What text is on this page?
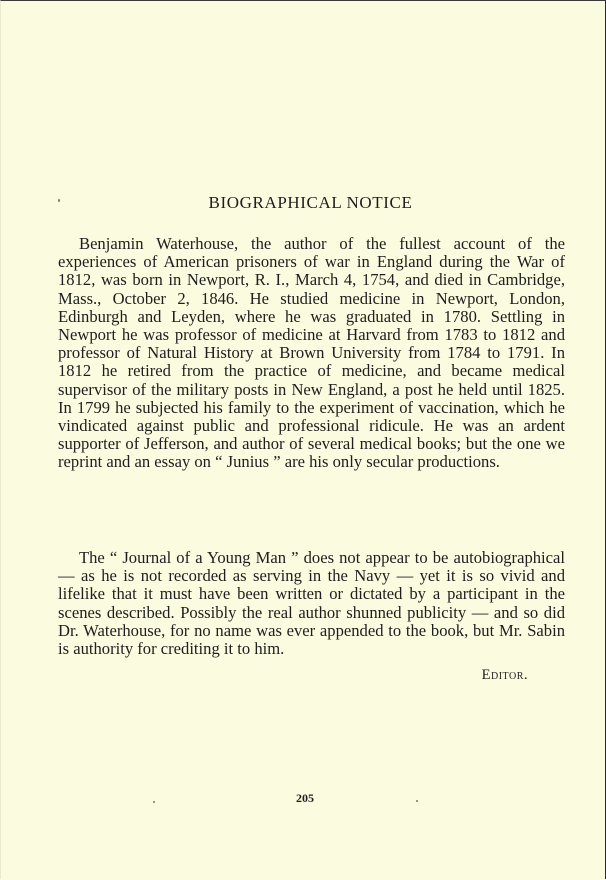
BIOGRAPHICAL NOTICE

Benjamin Waterhouse, the author of the fullest account of the experiences of American prisoners of war in England during the War of 1812, was born in Newport, R. I., March 4, 1754, and died in Cambridge, Mass., October 2, 1846. He studied medicine in Newport, London, Edinburgh and Leyden, where he was graduated in 1780. Settling in Newport he was professor of medicine at Harvard from 1783 to 1812 and professor of Natural History at Brown University from 1784 to 1791. In 1812 he retired from the practice of medicine, and became medical supervisor of the military posts in New England, a post he held until 1825. In 1799 he subjected his family to the experiment of vaccination, which he vindicated against public and professional ridicule. He was an ardent supporter of Jefferson, and author of several medical books; but the one we reprint and an essay on “ Junius ” are his only secular productions.

The “ Journal of a Young Man ” does not appear to be autobiographical — as he is not recorded as serving in the Navy — yet it is so vivid and lifelike that it must have been written or dictated by a participant in the scenes described. Possibly the real author shunned publicity — and so did Dr. Waterhouse, for no name was ever appended to the book, but Mr. Sabin is authority for crediting it to him.

Editor.

205
